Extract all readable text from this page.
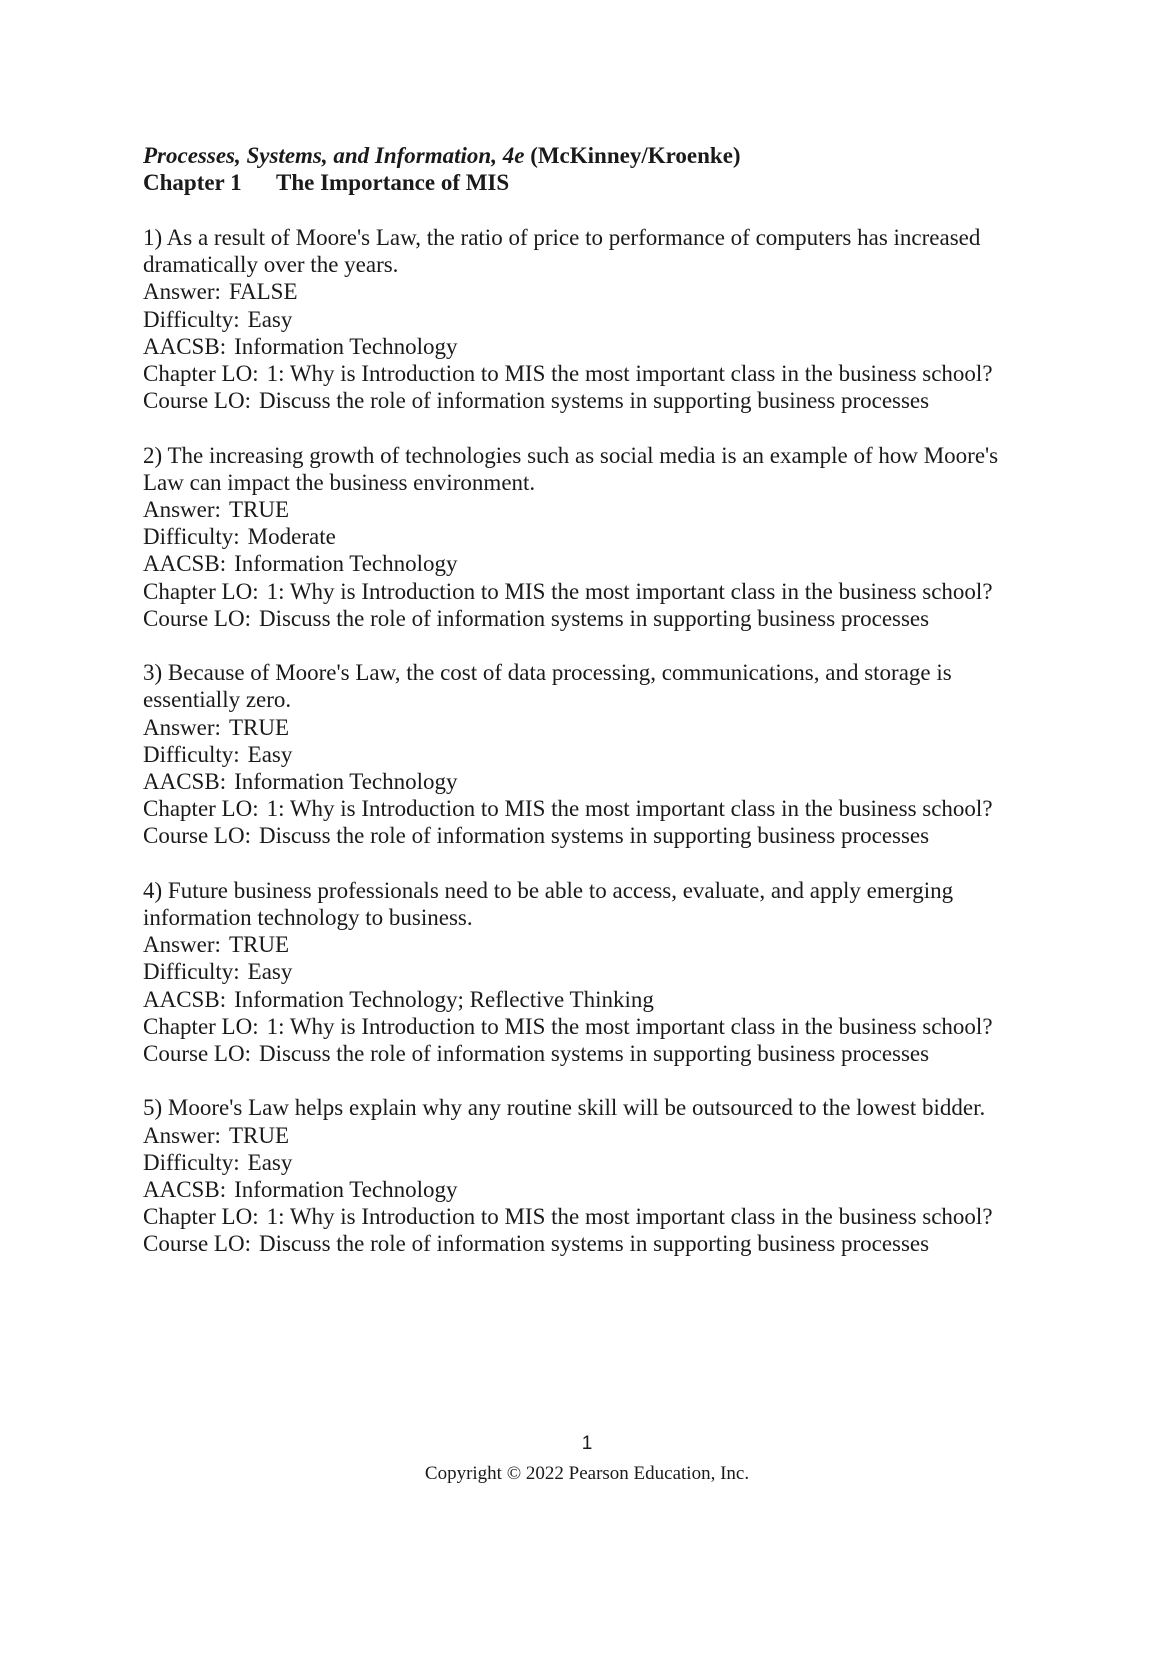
Processes, Systems, and Information, 4e (McKinney/Kroenke)
Chapter 1	The Importance of MIS
1) As a result of Moore's Law, the ratio of price to performance of computers has increased dramatically over the years.
Answer: FALSE
Difficulty: Easy
AACSB: Information Technology
Chapter LO: 1: Why is Introduction to MIS the most important class in the business school?
Course LO: Discuss the role of information systems in supporting business processes
2) The increasing growth of technologies such as social media is an example of how Moore's Law can impact the business environment.
Answer: TRUE
Difficulty: Moderate
AACSB: Information Technology
Chapter LO: 1: Why is Introduction to MIS the most important class in the business school?
Course LO: Discuss the role of information systems in supporting business processes
3) Because of Moore's Law, the cost of data processing, communications, and storage is essentially zero.
Answer: TRUE
Difficulty: Easy
AACSB: Information Technology
Chapter LO: 1: Why is Introduction to MIS the most important class in the business school?
Course LO: Discuss the role of information systems in supporting business processes
4) Future business professionals need to be able to access, evaluate, and apply emerging information technology to business.
Answer: TRUE
Difficulty: Easy
AACSB: Information Technology; Reflective Thinking
Chapter LO: 1: Why is Introduction to MIS the most important class in the business school?
Course LO: Discuss the role of information systems in supporting business processes
5) Moore's Law helps explain why any routine skill will be outsourced to the lowest bidder.
Answer: TRUE
Difficulty: Easy
AACSB: Information Technology
Chapter LO: 1: Why is Introduction to MIS the most important class in the business school?
Course LO: Discuss the role of information systems in supporting business processes
1
Copyright © 2022 Pearson Education, Inc.
